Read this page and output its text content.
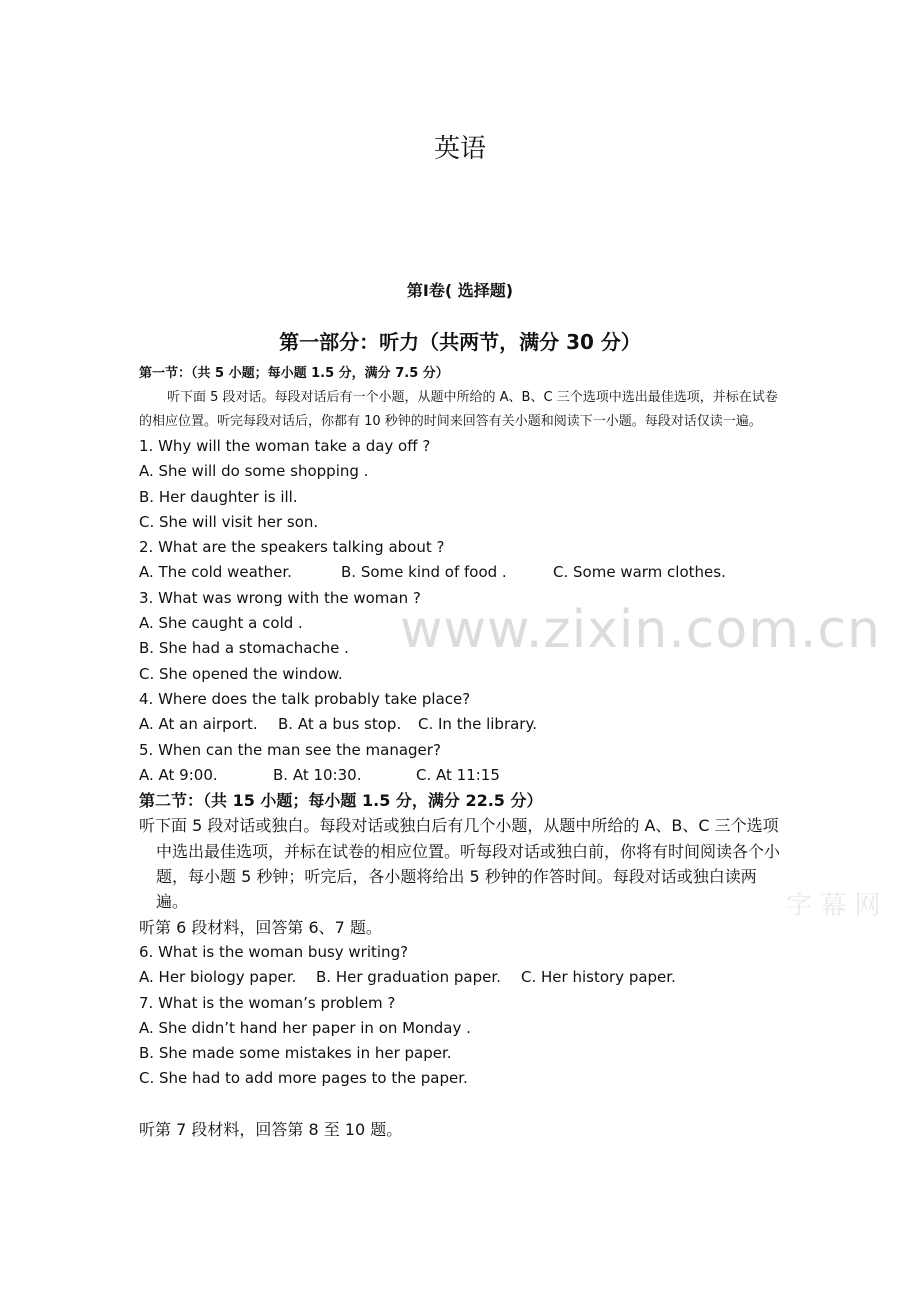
英语
第Ⅰ卷( 选择题)
第一部分：听力（共两节，满分 30 分）
第一节：（共 5 小题；每小题 1.5 分，满分 7.5 分）
听下面 5 段对话。每段对话后有一个小题，从题中所给的 A、B、C 三个选项中选出最佳选项，并标在试卷的相应位置。听完每段对话后，你都有 10 秒钟的时间来回答有关小题和阅读下一小题。每段对话仅读一遍。
1. Why will the woman take a day off ?
A. She will do some shopping .
B. Her daughter is ill.
C. She will visit her son.
2. What are the speakers talking about ?
A. The cold weather.	B. Some kind of food .	C. Some warm clothes.
3. What was wrong with the woman ?
A. She caught a cold .
B. She had a stomachache .
C. She opened the window.
4. Where does the talk probably take place?
A. At an airport. B. At a bus stop. C. In the library.
5. When can the man see the manager?
A. At 9:00.	B. At 10:30.	C. At 11:15
第二节：（共 15 小题；每小题 1.5 分，满分 22.5 分）
听下面 5 段对话或独白。每段对话或独白后有几个小题，从题中所给的 A、B、C 三个选项中选出最佳选项，并标在试卷的相应位置。听每段对话或独白前，你将有时间阅读各个小题，每小题 5 秒钟；听完后，各小题将给出 5 秒钟的作答时间。每段对话或独白读两遍。
听第 6 段材料，回答第 6、7 题。
6. What is the woman busy writing?
A. Her biology paper. B. Her graduation paper. C. Her history paper.
7. What is the woman’s problem ?
A. She didn’t hand her paper in on Monday .
B. She made some mistakes in her paper.
C. She had to add more pages to the paper.
听第 7 段材料，回答第 8 至 10 题。
www.zixin.com.cn
字 幕 网
